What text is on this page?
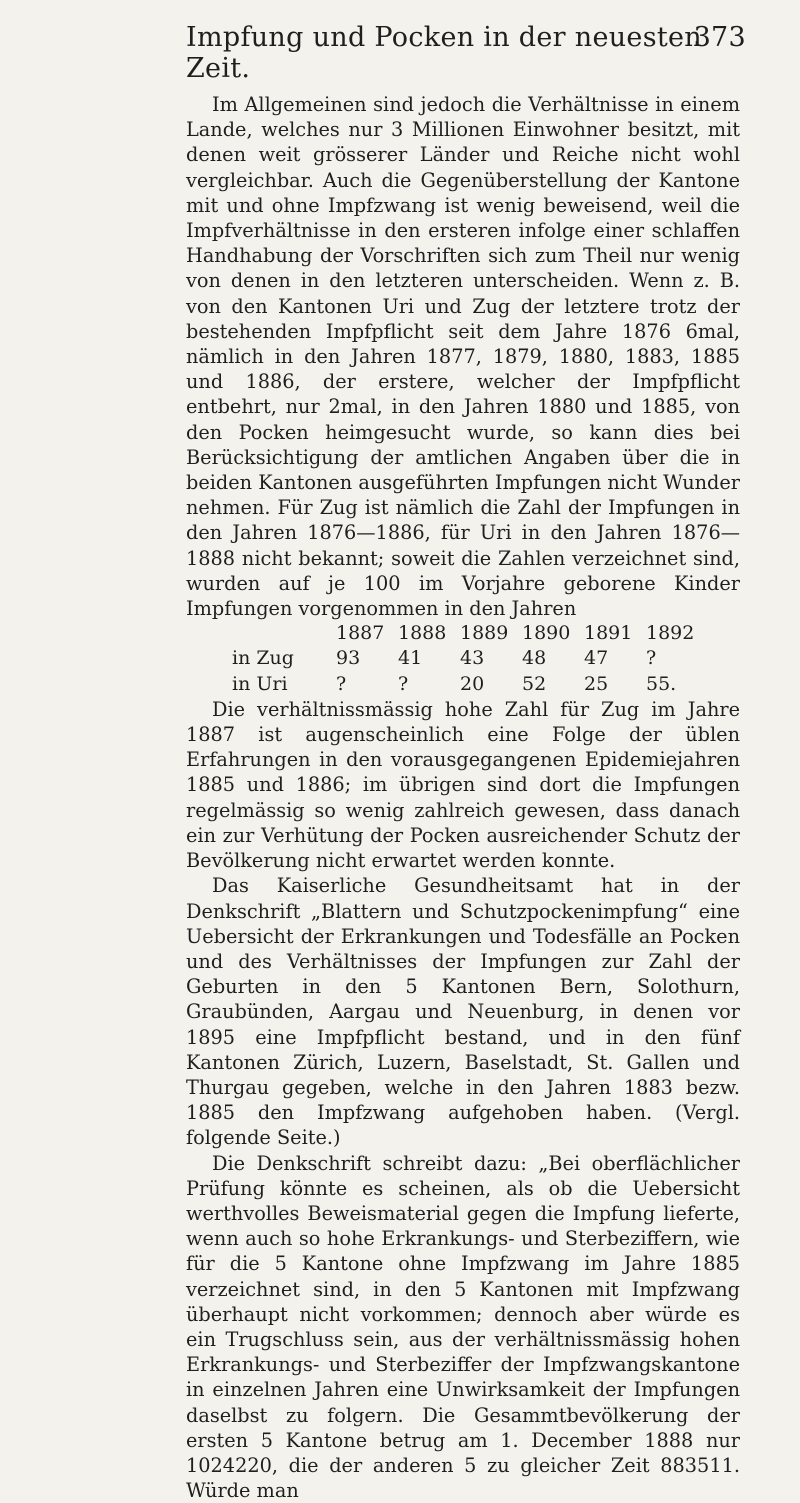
Impfung und Pocken in der neuesten Zeit.
373

Im Allgemeinen sind jedoch die Verhältnisse in einem Lande, welches nur 3 Millionen Einwohner besitzt, mit denen weit grösserer Länder und Reiche nicht wohl vergleichbar. Auch die Gegenüberstellung der Kantone mit und ohne Impfzwang ist wenig beweisend, weil die Impfverhältnisse in den ersteren infolge einer schlaffen Handhabung der Vorschriften sich zum Theil nur wenig von denen in den letzteren unterscheiden. Wenn z. B. von den Kantonen Uri und Zug der letztere trotz der bestehenden Impfpflicht seit dem Jahre 1876 6mal, nämlich in den Jahren 1877, 1879, 1880, 1883, 1885 und 1886, der erstere, welcher der Impfpflicht entbehrt, nur 2mal, in den Jahren 1880 und 1885, von den Pocken heimgesucht wurde, so kann dies bei Berücksichtigung der amtlichen Angaben über die in beiden Kantonen ausgeführten Impfungen nicht Wunder nehmen. Für Zug ist nämlich die Zahl der Impfungen in den Jahren 1876—1886, für Uri in den Jahren 1876—1888 nicht bekannt; soweit die Zahlen verzeichnet sind, wurden auf je 100 im Vorjahre geborene Kinder Impfungen vorgenommen in den Jahren

	1887	1888	1889	1890	1891	1892
in Zug	93	41	43	48	47	?
in Uri	?	?	20	52	25	55.

Die verhältnissmässig hohe Zahl für Zug im Jahre 1887 ist augenscheinlich eine Folge der üblen Erfahrungen in den vorausgegangenen Epidemiejahren 1885 und 1886; im übrigen sind dort die Impfungen regelmässig so wenig zahlreich gewesen, dass danach ein zur Verhütung der Pocken ausreichender Schutz der Bevölkerung nicht erwartet werden konnte.

Das Kaiserliche Gesundheitsamt hat in der Denkschrift „Blattern und Schutzpockenimpfung“ eine Uebersicht der Erkrankungen und Todesfälle an Pocken und des Verhältnisses der Impfungen zur Zahl der Geburten in den 5 Kantonen Bern, Solothurn, Graubünden, Aargau und Neuenburg, in denen vor 1895 eine Impfpflicht bestand, und in den fünf Kantonen Zürich, Luzern, Baselstadt, St. Gallen und Thurgau gegeben, welche in den Jahren 1883 bezw. 1885 den Impfzwang aufgehoben haben. (Vergl. folgende Seite.)

Die Denkschrift schreibt dazu: „Bei oberflächlicher Prüfung könnte es scheinen, als ob die Uebersicht werthvolles Beweismaterial gegen die Impfung lieferte, wenn auch so hohe Erkrankungs- und Sterbeziffern, wie für die 5 Kantone ohne Impfzwang im Jahre 1885 verzeichnet sind, in den 5 Kantonen mit Impfzwang überhaupt nicht vorkommen; dennoch aber würde es ein Trugschluss sein, aus der verhältnissmässig hohen Erkrankungs- und Sterbeziffer der Impfzwangskantone in einzelnen Jahren eine Unwirksamkeit der Impfungen daselbst zu folgern. Die Gesammtbevölkerung der ersten 5 Kantone betrug am 1. December 1888 nur 1024220, die der anderen 5 zu gleicher Zeit 883511. Würde man
